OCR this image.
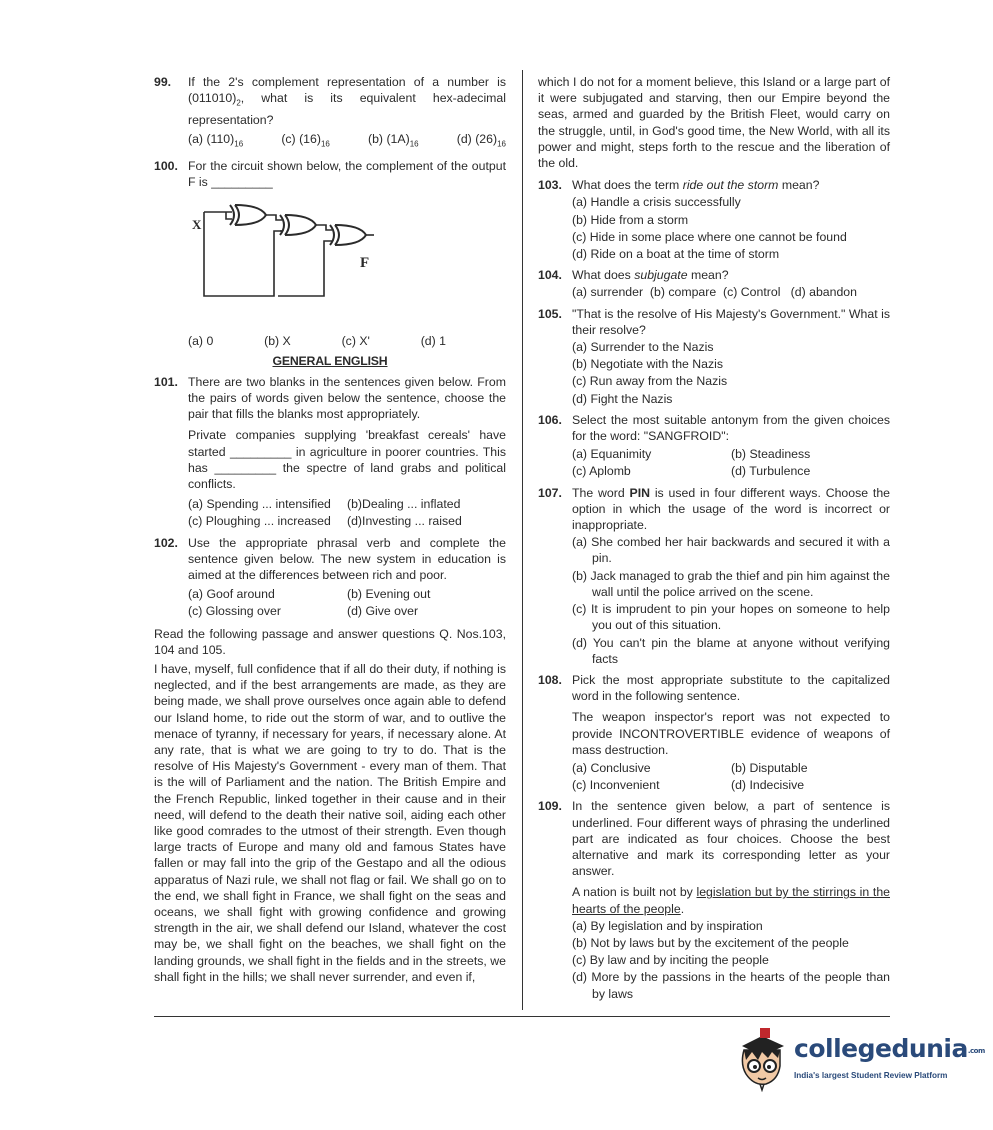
99. If the 2's complement representation of a number is $(011010)_2$, what is its equivalent hex-adecimal representation?
(a) $(110)_{16}$	(c) $(16)_{16}$	(b) $(1A)_{16}$	(d) $(26)_{16}$
100. For the circuit shown below, the complement of the output F is _________
X
F
(a) 0	(b) X	(c) X'	(d) 1
GENERAL ENGLISH
101. There are two blanks in the sentences given below. From the pairs of words given below the sentence, choose the pair that fills the blanks most appropriately.
Private companies supplying 'breakfast cereals' have started _________ in agriculture in poorer countries. This has _________ the spectre of land grabs and political conflicts.
(a) Spending ... intensified	(b)Dealing ... inflated
(c) Ploughing ... increased	(d)Investing ... raised
102. Use the appropriate phrasal verb and complete the sentence given below. The new system in education is aimed at the differences between rich and poor.
(a) Goof around	(b) Evening out
(c) Glossing over	(d) Give over
Read the following passage and answer questions Q. Nos.103, 104 and 105.
I have, myself, full confidence that if all do their duty, if nothing is neglected, and if the best arrangements are made, as they are being made, we shall prove ourselves once again able to defend our Island home, to ride out the storm of war, and to outlive the menace of tyranny, if necessary for years, if necessary alone. At any rate, that is what we are going to try to do. That is the resolve of His Majesty's Government - every man of them. That is the will of Parliament and the nation. The British Empire and the French Republic, linked together in their cause and in their need, will defend to the death their native soil, aiding each other like good comrades to the utmost of their strength. Even though large tracts of Europe and many old and famous States have fallen or may fall into the grip of the Gestapo and all the odious apparatus of Nazi rule, we shall not flag or fail. We shall go on to the end, we shall fight in France, we shall fight on the seas and oceans, we shall fight with growing confidence and growing strength in the air, we shall defend our Island, whatever the cost may be, we shall fight on the beaches, we shall fight on the landing grounds, we shall fight in the fields and in the streets, we shall fight in the hills; we shall never surrender, and even if,
which I do not for a moment believe, this Island or a large part of it were subjugated and starving, then our Empire beyond the seas, armed and guarded by the British Fleet, would carry on the struggle, until, in God's good time, the New World, with all its power and might, steps forth to the rescue and the liberation of the old.
103. What does the term ride out the storm mean?
(a) Handle a crisis successfully
(b) Hide from a storm
(c) Hide in some place where one cannot be found
(d) Ride on a boat at the time of storm
104. What does subjugate mean?
(a) surrender  (b) compare  (c) Control   (d) abandon
105. "That is the resolve of His Majesty's Government." What is their resolve?
(a) Surrender to the Nazis
(b) Negotiate with the Nazis
(c) Run away from the Nazis
(d) Fight the Nazis
106. Select the most suitable antonym from the given choices for the word: "SANGFROID":
(a) Equanimity	(b) Steadiness
(c) Aplomb	(d) Turbulence
107. The word PIN is used in four different ways. Choose the option in which the usage of the word is incorrect or inappropriate.
(a) She combed her hair backwards and secured it with a pin.
(b) Jack managed to grab the thief and pin him against the wall until the police arrived on the scene.
(c) It is imprudent to pin your hopes on someone to help you out of this situation.
(d) You can't pin the blame at anyone without verifying facts
108. Pick the most appropriate substitute to the capitalized word in the following sentence.
The weapon inspector's report was not expected to provide INCONTROVERTIBLE evidence of weapons of mass destruction.
(a) Conclusive	(b) Disputable
(c) Inconvenient	(d) Indecisive
109. In the sentence given below, a part of sentence is underlined. Four different ways of phrasing the underlined part are indicated as four choices. Choose the best alternative and mark its corresponding letter as your answer.
A nation is built not by legislation but by the stirrings in the hearts of the people.
(a) By legislation and by inspiration
(b) Not by laws but by the excitement of the people
(c) By law and by inciting the people
(d) More by the passions in the hearts of the people than by laws
collegedunia.com
India's largest Student Review Platform
